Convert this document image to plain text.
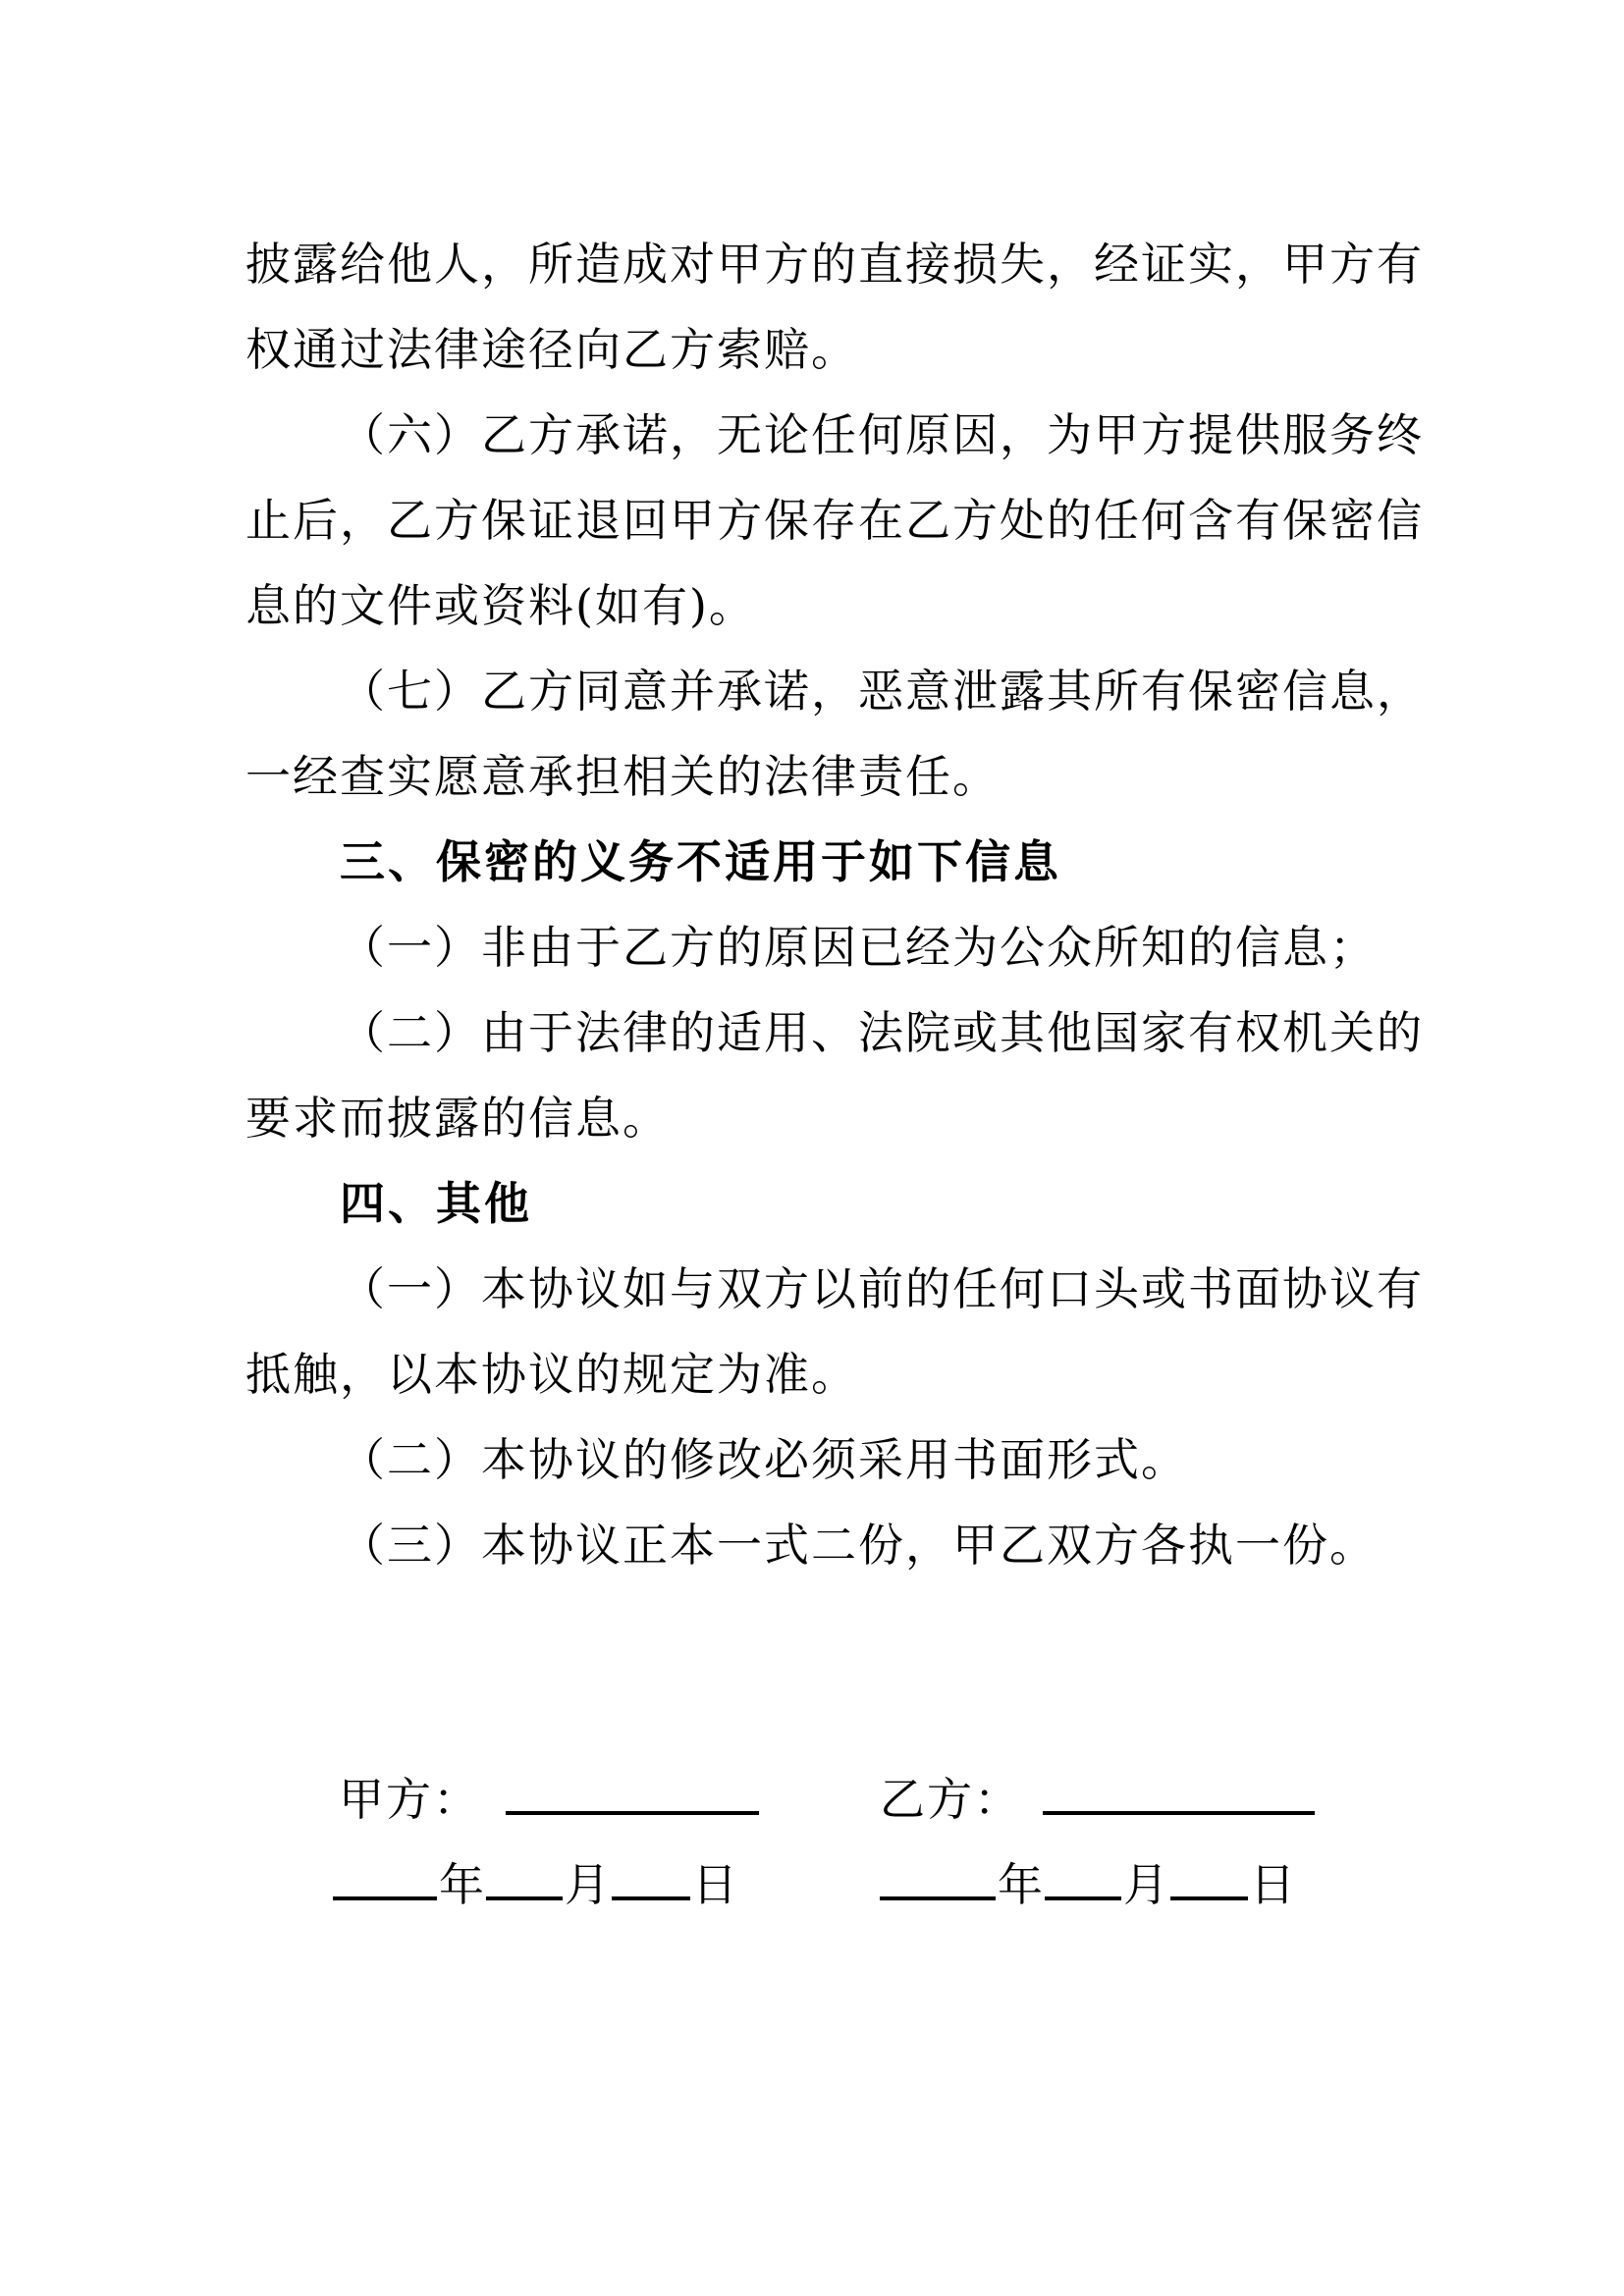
披露给他人，所造成对甲方的直接损失，经证实，甲方有
权通过法律途径向乙方索赔。
（六）乙方承诺，无论任何原因，为甲方提供服务终
止后，乙方保证退回甲方保存在乙方处的任何含有保密信
息的文件或资料(如有)。
（七）乙方同意并承诺，恶意泄露其所有保密信息，
一经查实愿意承担相关的法律责任。
三、保密的义务不适用于如下信息
（一）非由于乙方的原因已经为公众所知的信息；
（二）由于法律的适用、法院或其他国家有权机关的
要求而披露的信息。
四、其他
（一）本协议如与双方以前的任何口头或书面协议有
抵触，以本协议的规定为准。
（二）本协议的修改必须采用书面形式。
（三）本协议正本一式二份，甲乙双方各执一份。
甲方：	乙方：
年 月 日	年 月 日
